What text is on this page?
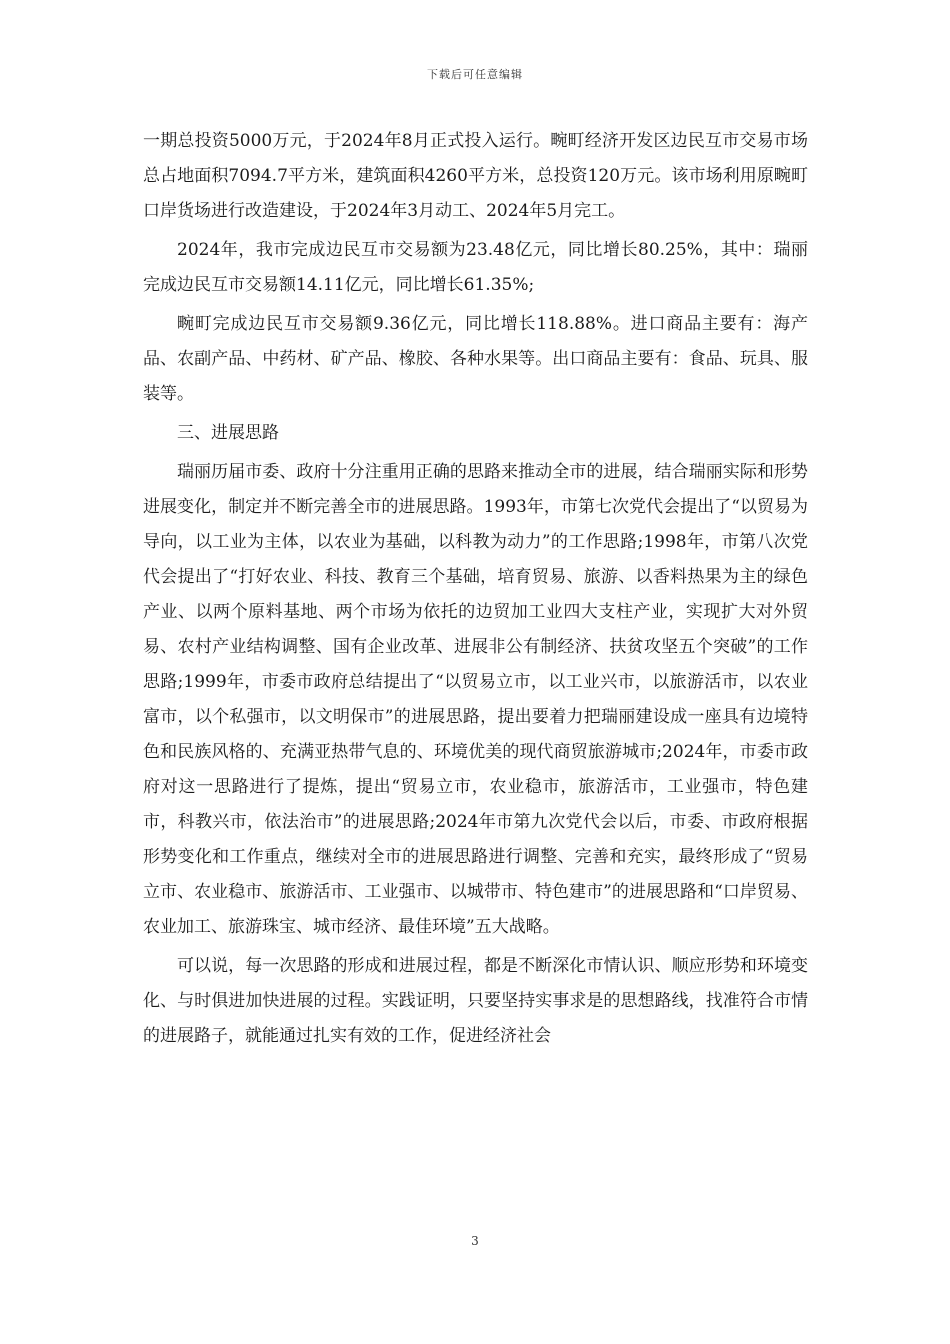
下载后可任意编辑

一期总投资5000万元，于2024年8月正式投入运行。畹町经济开发区边民互市交易市场总占地面积7094.7平方米，建筑面积4260平方米，总投资120万元。该市场利用原畹町口岸货场进行改造建设，于2024年3月动工、2024年5月完工。

2024年，我市完成边民互市交易额为23.48亿元，同比增长80.25%，其中：瑞丽完成边民互市交易额14.11亿元，同比增长61.35%;

畹町完成边民互市交易额9.36亿元，同比增长118.88%。进口商品主要有：海产品、农副产品、中药材、矿产品、橡胶、各种水果等。出口商品主要有：食品、玩具、服装等。

三、进展思路

瑞丽历届市委、政府十分注重用正确的思路来推动全市的进展，结合瑞丽实际和形势进展变化，制定并不断完善全市的进展思路。1993年，市第七次党代会提出了“以贸易为导向，以工业为主体，以农业为基础，以科教为动力”的工作思路;1998年，市第八次党代会提出了“打好农业、科技、教育三个基础，培育贸易、旅游、以香料热果为主的绿色产业、以两个原料基地、两个市场为依托的边贸加工业四大支柱产业，实现扩大对外贸易、农村产业结构调整、国有企业改革、进展非公有制经济、扶贫攻坚五个突破”的工作思路;1999年，市委市政府总结提出了“以贸易立市，以工业兴市，以旅游活市，以农业富市，以个私强市，以文明保市”的进展思路，提出要着力把瑞丽建设成一座具有边境特色和民族风格的、充满亚热带气息的、环境优美的现代商贸旅游城市;2024年，市委市政府对这一思路进行了提炼，提出“贸易立市，农业稳市，旅游活市，工业强市，特色建市，科教兴市，依法治市”的进展思路;2024年市第九次党代会以后，市委、市政府根据形势变化和工作重点，继续对全市的进展思路进行调整、完善和充实，最终形成了“贸易立市、农业稳市、旅游活市、工业强市、以城带市、特色建市”的进展思路和“口岸贸易、农业加工、旅游珠宝、城市经济、最佳环境”五大战略。

可以说，每一次思路的形成和进展过程，都是不断深化市情认识、顺应形势和环境变化、与时俱进加快进展的过程。实践证明，只要坚持实事求是的思想路线，找准符合市情的进展路子，就能通过扎实有效的工作，促进经济社会

3
